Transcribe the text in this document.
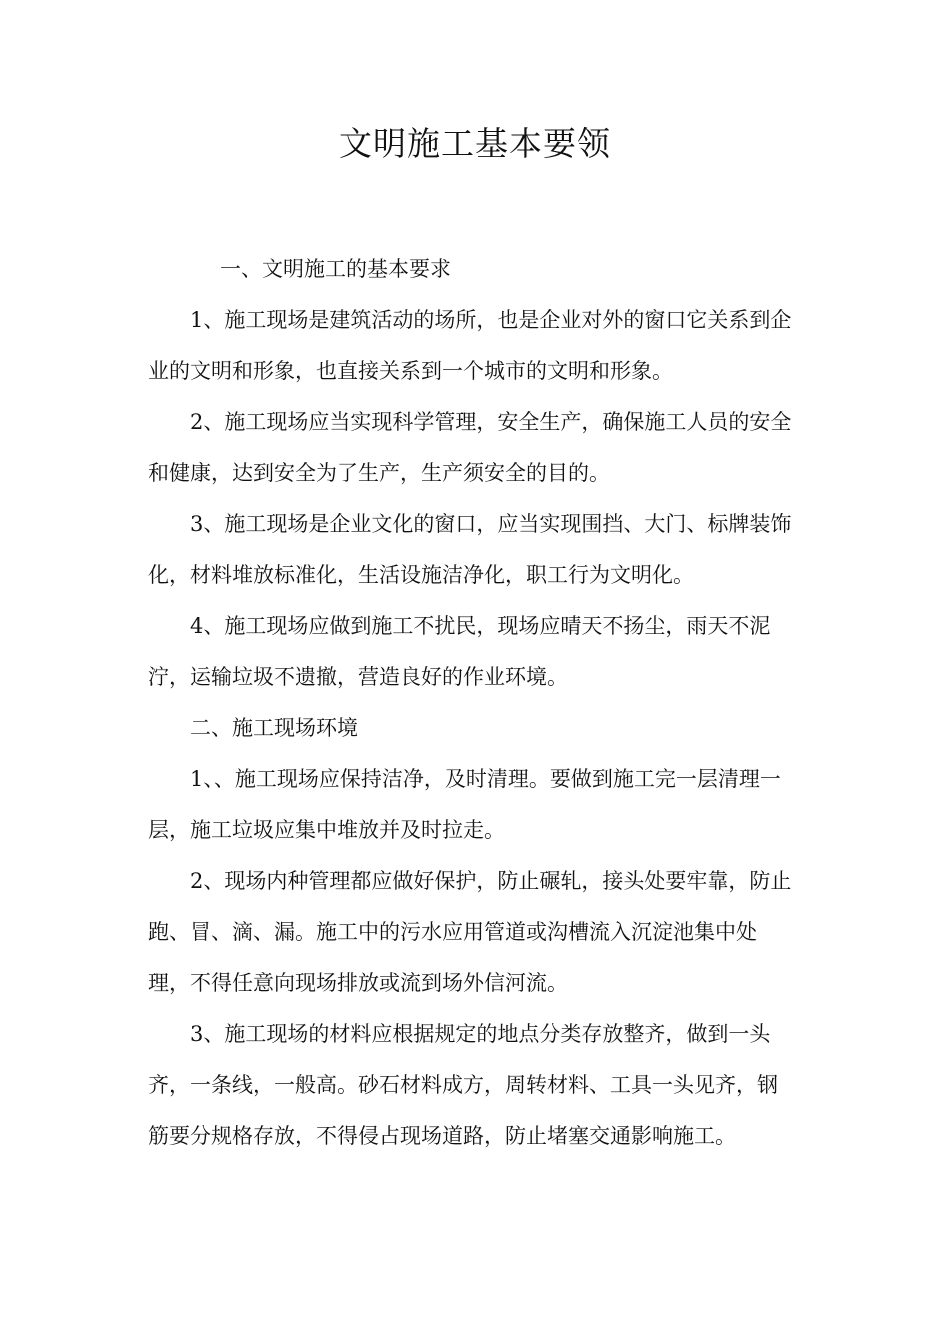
文明施工基本要领

一、文明施工的基本要求

1、施工现场是建筑活动的场所，也是企业对外的窗口它关系到企业的文明和形象，也直接关系到一个城市的文明和形象。

2、施工现场应当实现科学管理，安全生产，确保施工人员的安全和健康，达到安全为了生产，生产须安全的目的。

3、施工现场是企业文化的窗口，应当实现围挡、大门、标牌装饰化，材料堆放标准化，生活设施洁净化，职工行为文明化。

4、施工现场应做到施工不扰民，现场应晴天不扬尘，雨天不泥泞，运输垃圾不遗撤，营造良好的作业环境。

二、施工现场环境

1、、施工现场应保持洁净，及时清理。要做到施工完一层清理一层，施工垃圾应集中堆放并及时拉走。

2、现场内种管理都应做好保护，防止碾轧，接头处要牢靠，防止跑、冒、滴、漏。施工中的污水应用管道或沟槽流入沉淀池集中处理，不得任意向现场排放或流到场外信河流。

3、施工现场的材料应根据规定的地点分类存放整齐，做到一头齐，一条线，一般高。砂石材料成方，周转材料、工具一头见齐，钢筋要分规格存放，不得侵占现场道路，防止堵塞交通影响施工。
